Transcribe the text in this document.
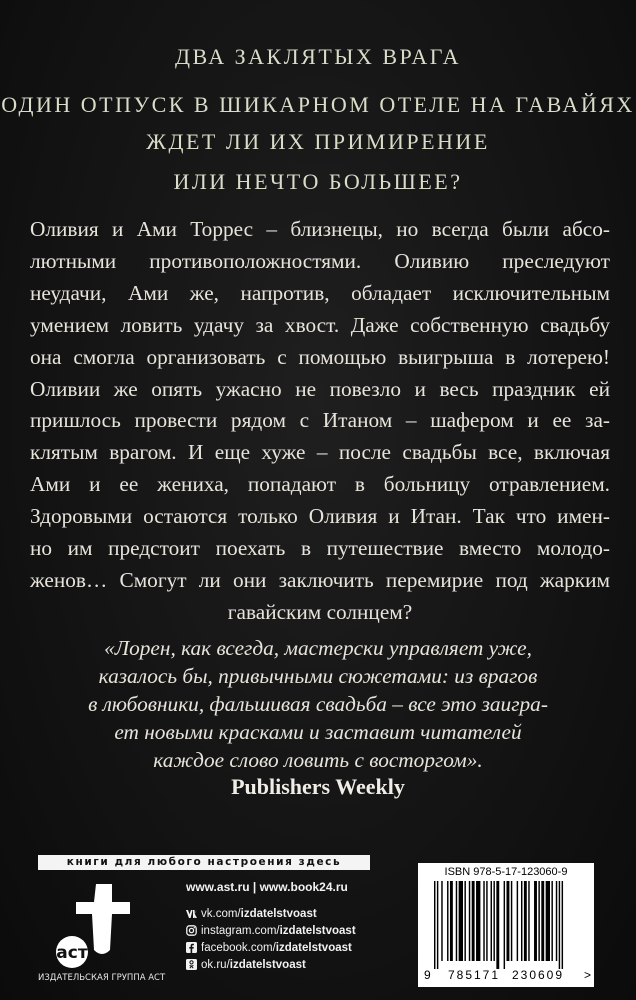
ДВА ЗАКЛЯТЫХ ВРАГА
ОДИН ОТПУСК В ШИКАРНОМ ОТЕЛЕ НА ГАВАЙЯХ
ЖДЕТ ЛИ ИХ ПРИМИРЕНИЕ
ИЛИ НЕЧТО БОЛЬШЕЕ?

Оливия и Ами Торрес – близнецы, но всегда были абсо-
лютными противоположностями. Оливию преследуют
неудачи, Ами же, напротив, обладает исключительным
умением ловить удачу за хвост. Даже собственную свадьбу
она смогла организовать с помощью выигрыша в лотерею!
Оливии же опять ужасно не повезло и весь праздник ей
пришлось провести рядом с Итаном – шафером и ее за-
клятым врагом. И еще хуже – после свадьбы все, включая
Ами и ее жениха, попадают в больницу отравлением.
Здоровыми остаются только Оливия и Итан. Так что имен-
но им предстоит поехать в путешествие вместо молодо-
женов… Смогут ли они заключить перемирие под жарким
гавайским солнцем?

«Лорен, как всегда, мастерски управляет уже,
казалось бы, привычными сюжетами: из врагов
в любовники, фальшивая свадьба – все это заигра-
ет новыми красками и заставит читателей
каждое слово ловить с восторгом».

Publishers Weekly
книги для любого настроения здесь
аст
ИЗДАТЕЛЬСКАЯ ГРУППА АСТ
www.ast.ru | www.book24.ru
vk.com/ izdatelstvoast
instagram.com/ izdatelstvoast
facebook.com/ izdatelstvoast
ok.ru/ izdatelstvoast
ISBN 978-5-17-123060-9
9 785171 230609 >
